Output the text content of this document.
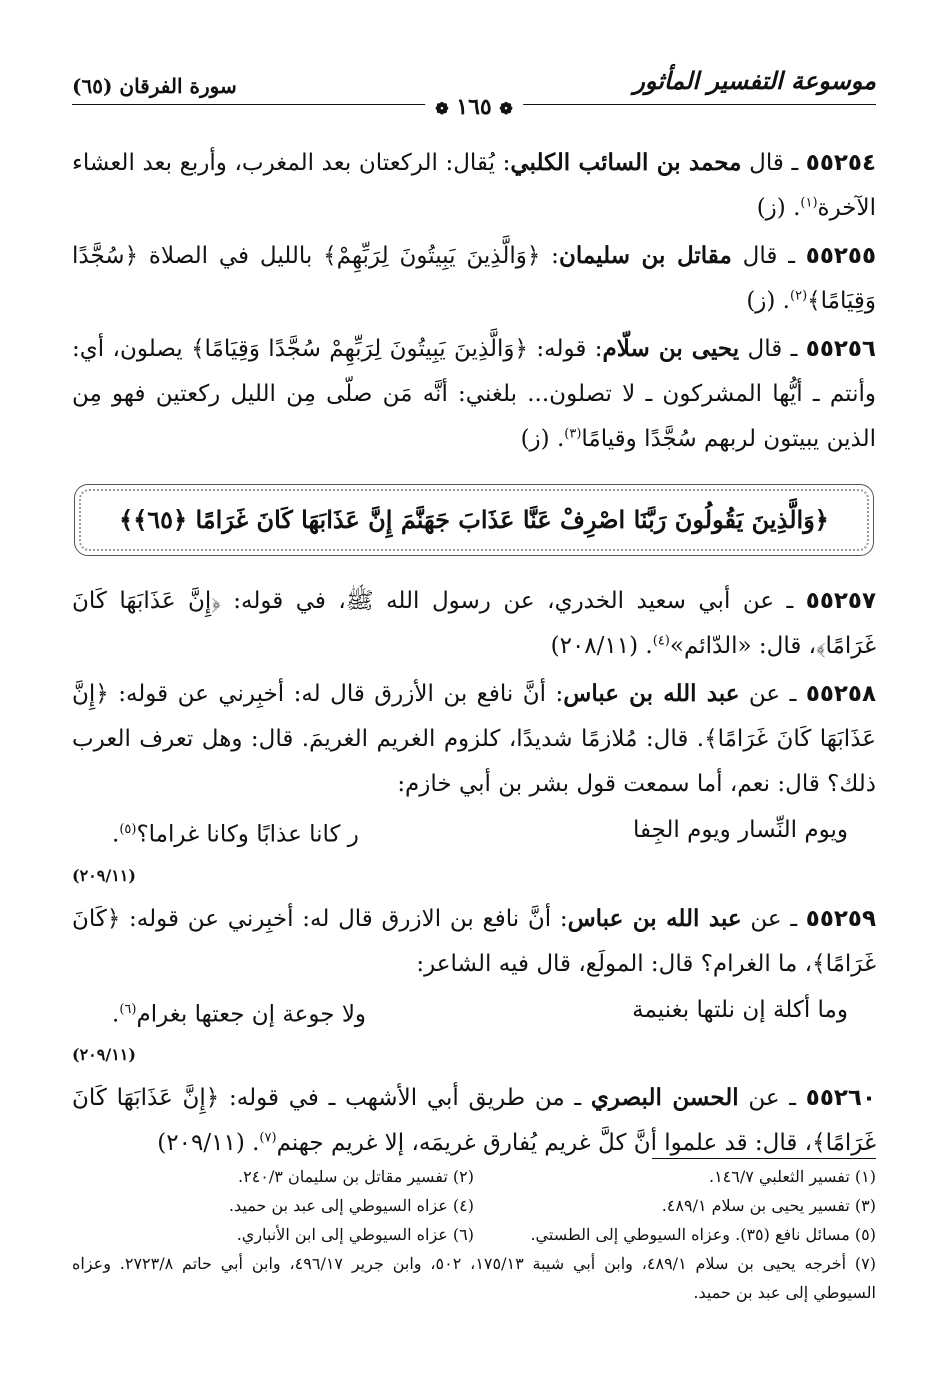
سورة الفرقان (٦٥)	موسوعة التفسير المأثور
❁ ١٦٥ ❁

٥٥٢٥٤ ـ قال محمد بن السائب الكلبي: يُقال: الركعتان بعد المغرب، وأربع بعد العشاء الآخرة$^{(١)}$. (ز)

٥٥٢٥٥ ـ قال مقاتل بن سليمان: ﴿وَالَّذِينَ يَبِيتُونَ لِرَبِّهِمْ﴾ بالليل في الصلاة ﴿سُجَّدًا وَقِيَامًا﴾$^{(٢)}$. (ز)

٥٥٢٥٦ ـ قال يحيى بن سلّام: قوله: ﴿وَالَّذِينَ يَبِيتُونَ لِرَبِّهِمْ سُجَّدًا وَقِيَامًا﴾ يصلون، أي: وأنتم ـ أيُّها المشركون ـ لا تصلون... بلغني: أنَّه مَن صلّى مِن الليل ركعتين فهو مِن الذين يبيتون لربهم سُجَّدًا وقيامًا$^{(٣)}$. (ز)

﴿وَالَّذِينَ يَقُولُونَ رَبَّنَا اصْرِفْ عَنَّا عَذَابَ جَهَنَّمَ إِنَّ عَذَابَهَا كَانَ غَرَامًا ﴿٦٥﴾﴾

٥٥٢٥٧ ـ عن أبي سعيد الخدري، عن رسول الله ﷺ، في قوله: ﴿إِنَّ عَذَابَهَا كَانَ غَرَامًا﴾، قال: «الدّائم»$^{(٤)}$. (٢٠٨/١١)

٥٥٢٥٨ ـ عن عبد الله بن عباس: أنَّ نافع بن الأزرق قال له: أخبِرني عن قوله: ﴿إِنَّ عَذَابَهَا كَانَ غَرَامًا﴾. قال: مُلازمًا شديدًا، كلزوم الغريم الغريمَ. قال: وهل تعرف العرب ذلك؟ قال: نعم، أما سمعت قول بشر بن أبي خازم:

ويوم النِّسار ويوم الجِفا
ر كانا عذابًا وكانا غراما؟$^{(٥)}$.
(٢٠٩/١١)

٥٥٢٥٩ ـ عن عبد الله بن عباس: أنَّ نافع بن الازرق قال له: أخبِرني عن قوله: ﴿كَانَ غَرَامًا﴾، ما الغرام؟ قال: المولَع، قال فيه الشاعر:

وما أكلة إن نلتها بغنيمة
ولا جوعة إن جعتها بغرام$^{(٦)}$.
(٢٠٩/١١)

٥٥٢٦٠ ـ عن الحسن البصري ـ من طريق أبي الأشهب ـ في قوله: ﴿إِنَّ عَذَابَهَا كَانَ غَرَامًا﴾، قال: قد علموا أنَّ كلَّ غريم يُفارق غريمَه، إلا غريم جهنم$^{(٧)}$. (٢٠٩/١١)

(١) تفسير الثعلبي ١٤٦/٧.
(٢) تفسير مقاتل بن سليمان ٢٤٠/٣.
(٣) تفسير يحيى بن سلام ٤٨٩/١.
(٤) عزاه السيوطي إلى عبد بن حميد.
(٥) مسائل نافع (٣٥). وعزاه السيوطي إلى الطستي.
(٦) عزاه السيوطي إلى ابن الأنباري.
(٧) أخرجه يحيى بن سلام ٤٨٩/١، وابن أبي شيبة ١٧٥/١٣، ٥٠٢، وابن جرير ٤٩٦/١٧، وابن أبي حاتم ٢٧٢٣/٨. وعزاه السيوطي إلى عبد بن حميد.
